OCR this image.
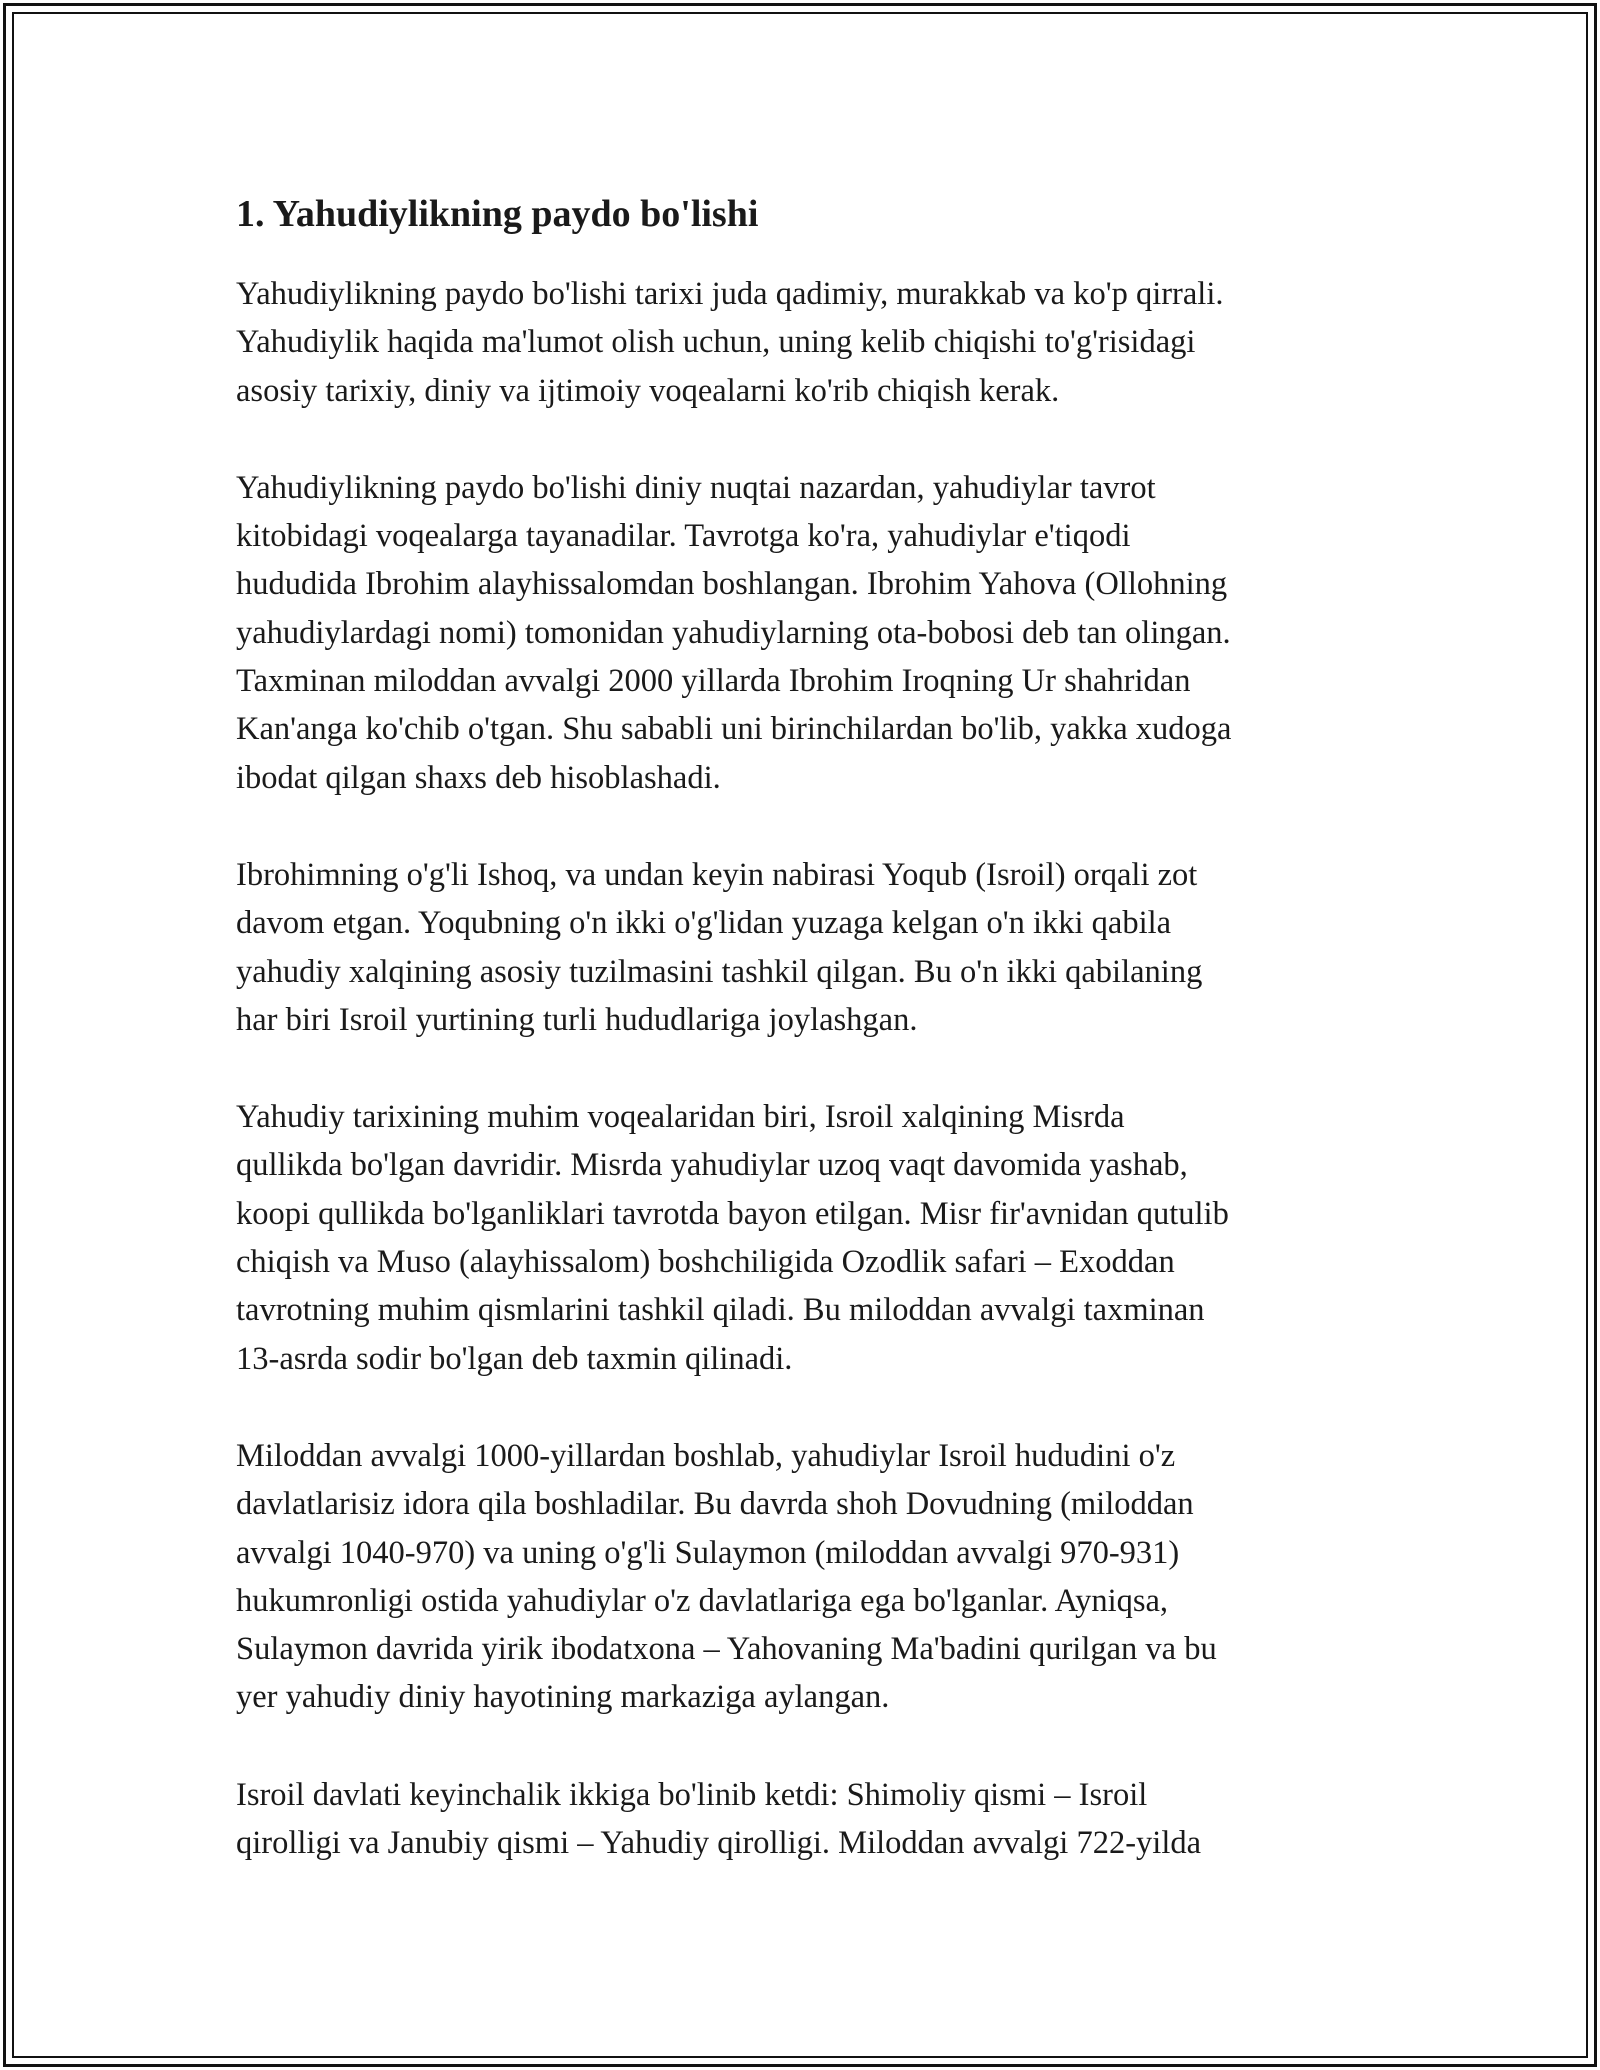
1. Yahudiylikning paydo bo'lishi
Yahudiylikning paydo bo'lishi tarixi juda qadimiy, murakkab va ko'p qirrali.
Yahudiylik haqida ma'lumot olish uchun, uning kelib chiqishi to'g'risidagi
asosiy tarixiy, diniy va ijtimoiy voqealarni ko'rib chiqish kerak.
Yahudiylikning paydo bo'lishi diniy nuqtai nazardan, yahudiylar tavrot
kitobidagi voqealarga tayanadilar. Tavrotga ko'ra, yahudiylar e'tiqodi
hududida Ibrohim alayhissalomdan boshlangan. Ibrohim Yahova (Ollohning
yahudiylardagi nomi) tomonidan yahudiylarning ota-bobosi deb tan olingan.
Taxminan miloddan avvalgi 2000 yillarda Ibrohim Iroqning Ur shahridan
Kan'anga ko'chib o'tgan. Shu sababli uni birinchilardan bo'lib, yakka xudoga
ibodat qilgan shaxs deb hisoblashadi.
Ibrohimning o'g'li Ishoq, va undan keyin nabirasi Yoqub (Isroil) orqali zot
davom etgan. Yoqubning o'n ikki o'g'lidan yuzaga kelgan o'n ikki qabila
yahudiy xalqining asosiy tuzilmasini tashkil qilgan. Bu o'n ikki qabilaning
har biri Isroil yurtining turli hududlariga joylashgan.
Yahudiy tarixining muhim voqealaridan biri, Isroil xalqining Misrda
qullikda bo'lgan davridir. Misrda yahudiylar uzoq vaqt davomida yashab,
koopi qullikda bo'lganliklari tavrotda bayon etilgan. Misr fir'avnidan qutulib
chiqish va Muso (alayhissalom) boshchiligida Ozodlik safari – Exoddan
tavrotning muhim qismlarini tashkil qiladi. Bu miloddan avvalgi taxminan
13-asrda sodir bo'lgan deb taxmin qilinadi.
Miloddan avvalgi 1000-yillardan boshlab, yahudiylar Isroil hududini o'z
davlatlarisiz idora qila boshladilar. Bu davrda shoh Dovudning (miloddan
avvalgi 1040-970) va uning o'g'li Sulaymon (miloddan avvalgi 970-931)
hukumronligi ostida yahudiylar o'z davlatlariga ega bo'lganlar. Ayniqsa,
Sulaymon davrida yirik ibodatxona – Yahovaning Ma'badini qurilgan va bu
yer yahudiy diniy hayotining markaziga aylangan.
Isroil davlati keyinchalik ikkiga bo'linib ketdi: Shimoliy qismi – Isroil
qirolligi va Janubiy qismi – Yahudiy qirolligi. Miloddan avvalgi 722-yilda
